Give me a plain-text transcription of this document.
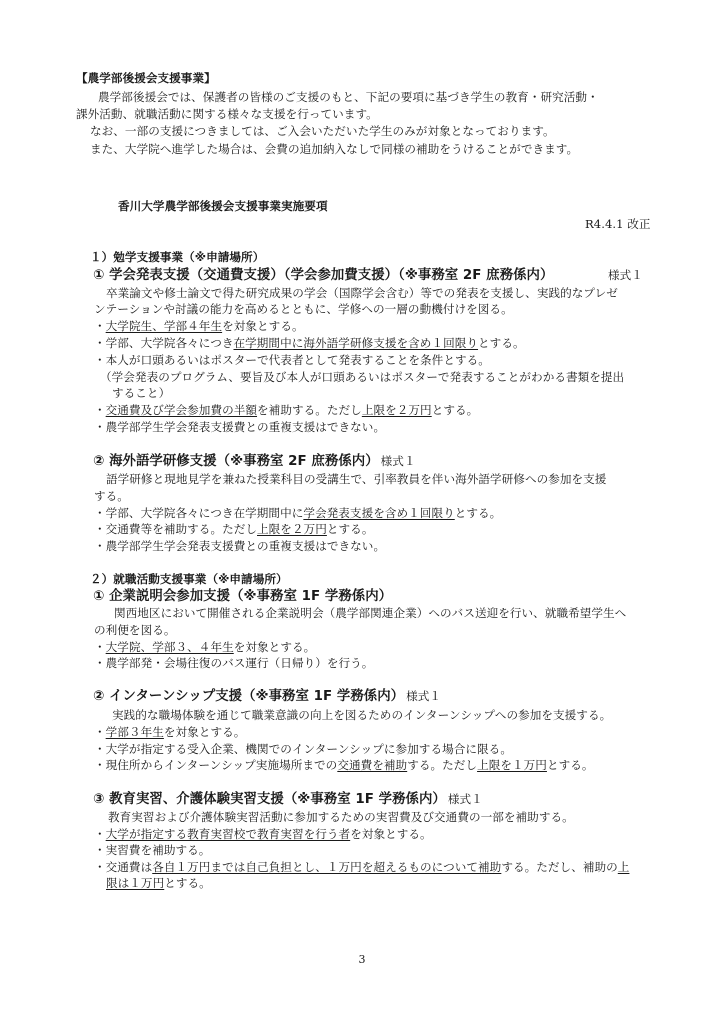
【農学部後援会支援事業】
農学部後援会では、保護者の皆様のご支援のもと、下記の要項に基づき学生の教育・研究活動・
課外活動、就職活動に関する様々な支援を行っています。
なお、一部の支援につきましては、ご入会いただいた学生のみが対象となっております。
また、大学院へ進学した場合は、会費の追加納入なしで同様の補助をうけることができます。
香川大学農学部後援会支援事業実施要項
R4.4.1 改正
１）勉学支援事業（※申請場所）
① 学会発表支援（交通費支援）（学会参加費支援）（※事務室 2F 庶務係内）	様式１
卒業論文や修士論文で得た研究成果の学会（国際学会含む）等での発表を支援し、実践的なプレゼ
ンテーションや討議の能力を高めるとともに、学修への一層の動機付けを図る。
・大学院生、学部４年生を対象とする。
・学部、大学院各々につき在学期間中に海外語学研修支援を含め１回限りとする。
・本人が口頭あるいはポスターで代表者として発表することを条件とする。
（学会発表のプログラム、要旨及び本人が口頭あるいはポスターで発表することがわかる書類を提出
すること）
・交通費及び学会参加費の半額を補助する。ただし上限を２万円とする。
・農学部学生学会発表支援費との重複支援はできない。
② 海外語学研修支援（※事務室 2F 庶務係内） 様式１
語学研修と現地見学を兼ねた授業科目の受講生で、引率教員を伴い海外語学研修への参加を支援
する。
・学部、大学院各々につき在学期間中に学会発表支援を含め１回限りとする。
・交通費等を補助する。ただし上限を２万円とする。
・農学部学生学会発表支援費との重複支援はできない。
２）就職活動支援事業（※申請場所）
① 企業説明会参加支援（※事務室 1F 学務係内）
関西地区において開催される企業説明会（農学部関連企業）へのバス送迎を行い、就職希望学生へ
の利便を図る。
・大学院、学部３、４年生を対象とする。
・農学部発・会場往復のバス運行（日帰り）を行う。
② インターンシップ支援（※事務室 1F 学務係内） 様式１
実践的な職場体験を通じて職業意識の向上を図るためのインターンシップへの参加を支援する。
・学部３年生を対象とする。
・大学が指定する受入企業、機関でのインターンシップに参加する場合に限る。
・現住所からインターンシップ実施場所までの交通費を補助する。ただし上限を１万円とする。
③ 教育実習、介護体験実習支援（※事務室 1F 学務係内） 様式１
教育実習および介護体験実習活動に参加するための実習費及び交通費の一部を補助する。
・大学が指定する教育実習校で教育実習を行う者を対象とする。
・実習費を補助する。
・交通費は各自１万円までは自己負担とし、１万円を超えるものについて補助する。ただし、補助の上
限は１万円とする。
3
